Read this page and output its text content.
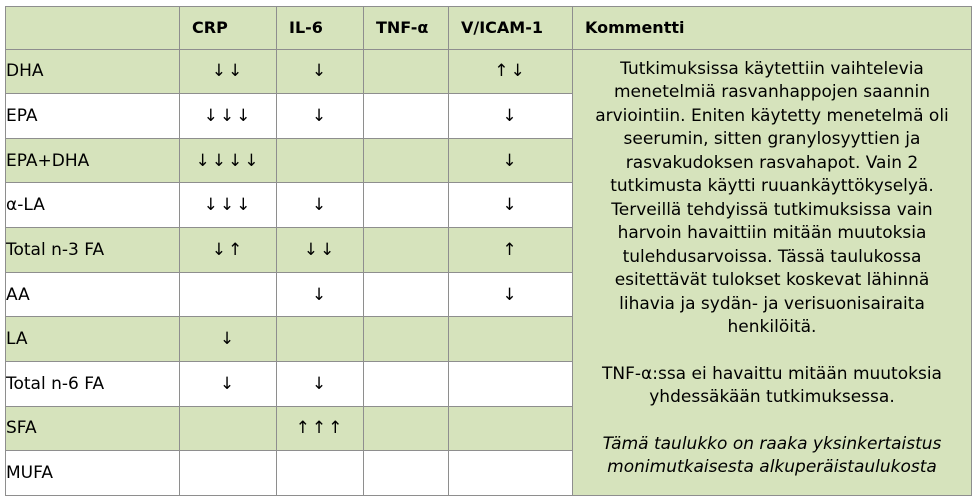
	CRP	IL-6	TNF-α	V/ICAM-1	Kommentti
DHA	↓↓	↓		↑↓	Tutkimuksissa käytettiin vaihtelevia menetelmiä rasvanhappojen saannin arviointiin. Eniten käytetty menetelmä oli seerumin, sitten granylosyyttien ja rasvakudoksen rasvahapot. Vain 2 tutkimusta käytti ruuankäyttökyselyä. Terveillä tehdyissä tutkimuksissa vain harvoin havaittiin mitään muutoksia tulehdusarvoissa. Tässä taulukossa esitettävät tulokset koskevat lähinnä lihavia ja sydän- ja verisuonisairaita henkilöitä.

TNF-α:ssa ei havaittu mitään muutoksia yhdessäkään tutkimuksessa.

Tämä taulukko on raaka yksinkertaistus monimutkaisesta alkuperäistaulukosta

EPA	↓↓↓	↓		↓	
EPA+DHA	↓↓↓↓			↓	
α-LA	↓↓↓	↓		↓	
Total n-3 FA	↓↑	↓↓		↑	
AA		↓		↓	
LA	↓				
Total n-6 FA	↓	↓			
SFA		↑↑↑			
MUFA					
